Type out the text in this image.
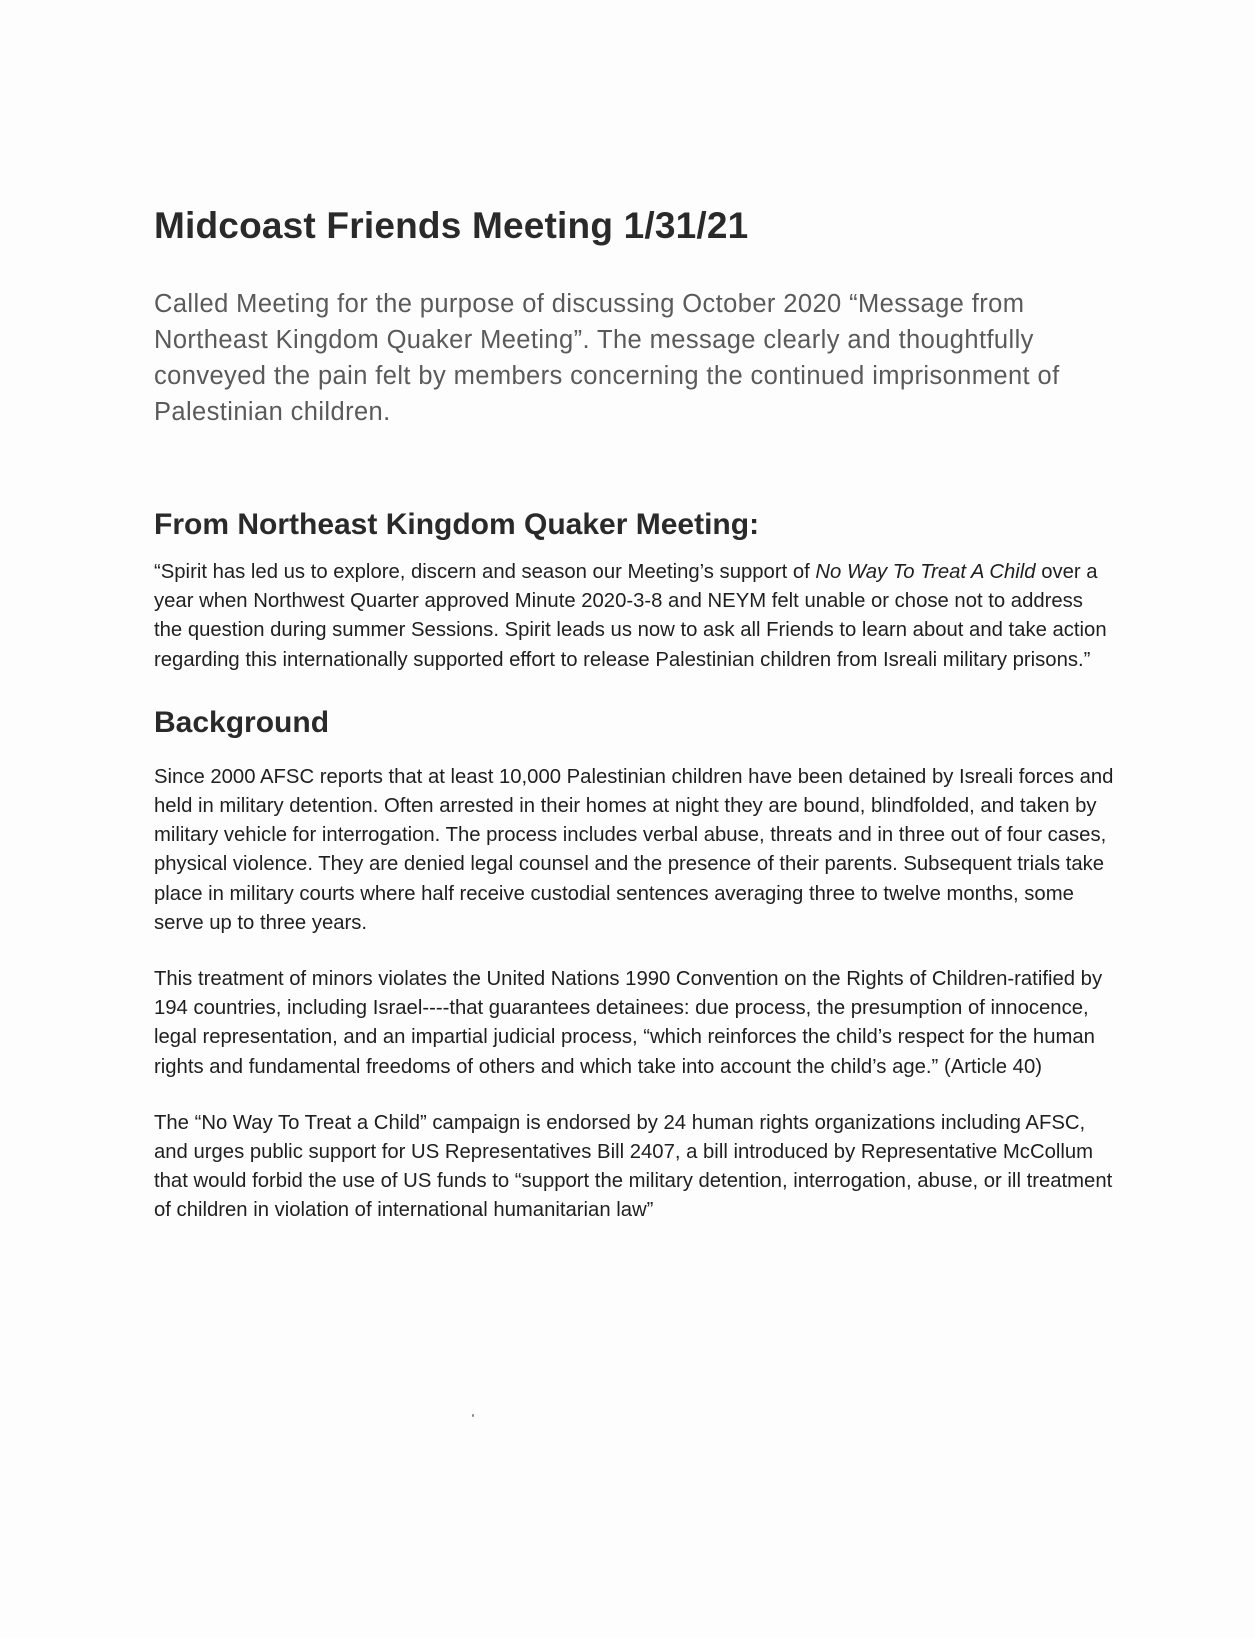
Midcoast Friends Meeting 1/31/21

Called Meeting for the purpose of discussing October 2020 “Message from Northeast Kingdom Quaker Meeting”. The message clearly and thoughtfully conveyed the pain felt by members concerning the continued imprisonment of Palestinian children.

From Northeast Kingdom Quaker Meeting:

“Spirit has led us to explore, discern and season our Meeting’s support of No Way To Treat A Child over a year when Northwest Quarter approved Minute 2020-3-8 and NEYM felt unable or chose not to address the question during summer Sessions. Spirit leads us now to ask all Friends to learn about and take action regarding this internationally supported effort to release Palestinian children from Isreali military prisons.”

Background

Since 2000 AFSC reports that at least 10,000 Palestinian children have been detained by Isreali forces and held in military detention. Often arrested in their homes at night they are bound, blindfolded, and taken by military vehicle for interrogation. The process includes verbal abuse, threats and in three out of four cases, physical violence. They are denied legal counsel and the presence of their parents. Subsequent trials take place in military courts where half receive custodial sentences averaging three to twelve months, some serve up to three years.

This treatment of minors violates the United Nations 1990 Convention on the Rights of Children-ratified by 194 countries, including Israel----that guarantees detainees: due process, the presumption of innocence, legal representation, and an impartial judicial process, “which reinforces the child’s respect for the human rights and fundamental freedoms of others and which take into account the child’s age.” (Article 40)

The “No Way To Treat a Child” campaign is endorsed by 24 human rights organizations including AFSC, and urges public support for US Representatives Bill 2407, a bill introduced by Representative McCollum that would forbid the use of US funds to “support the military detention, interrogation, abuse, or ill treatment of children in violation of international humanitarian law”
